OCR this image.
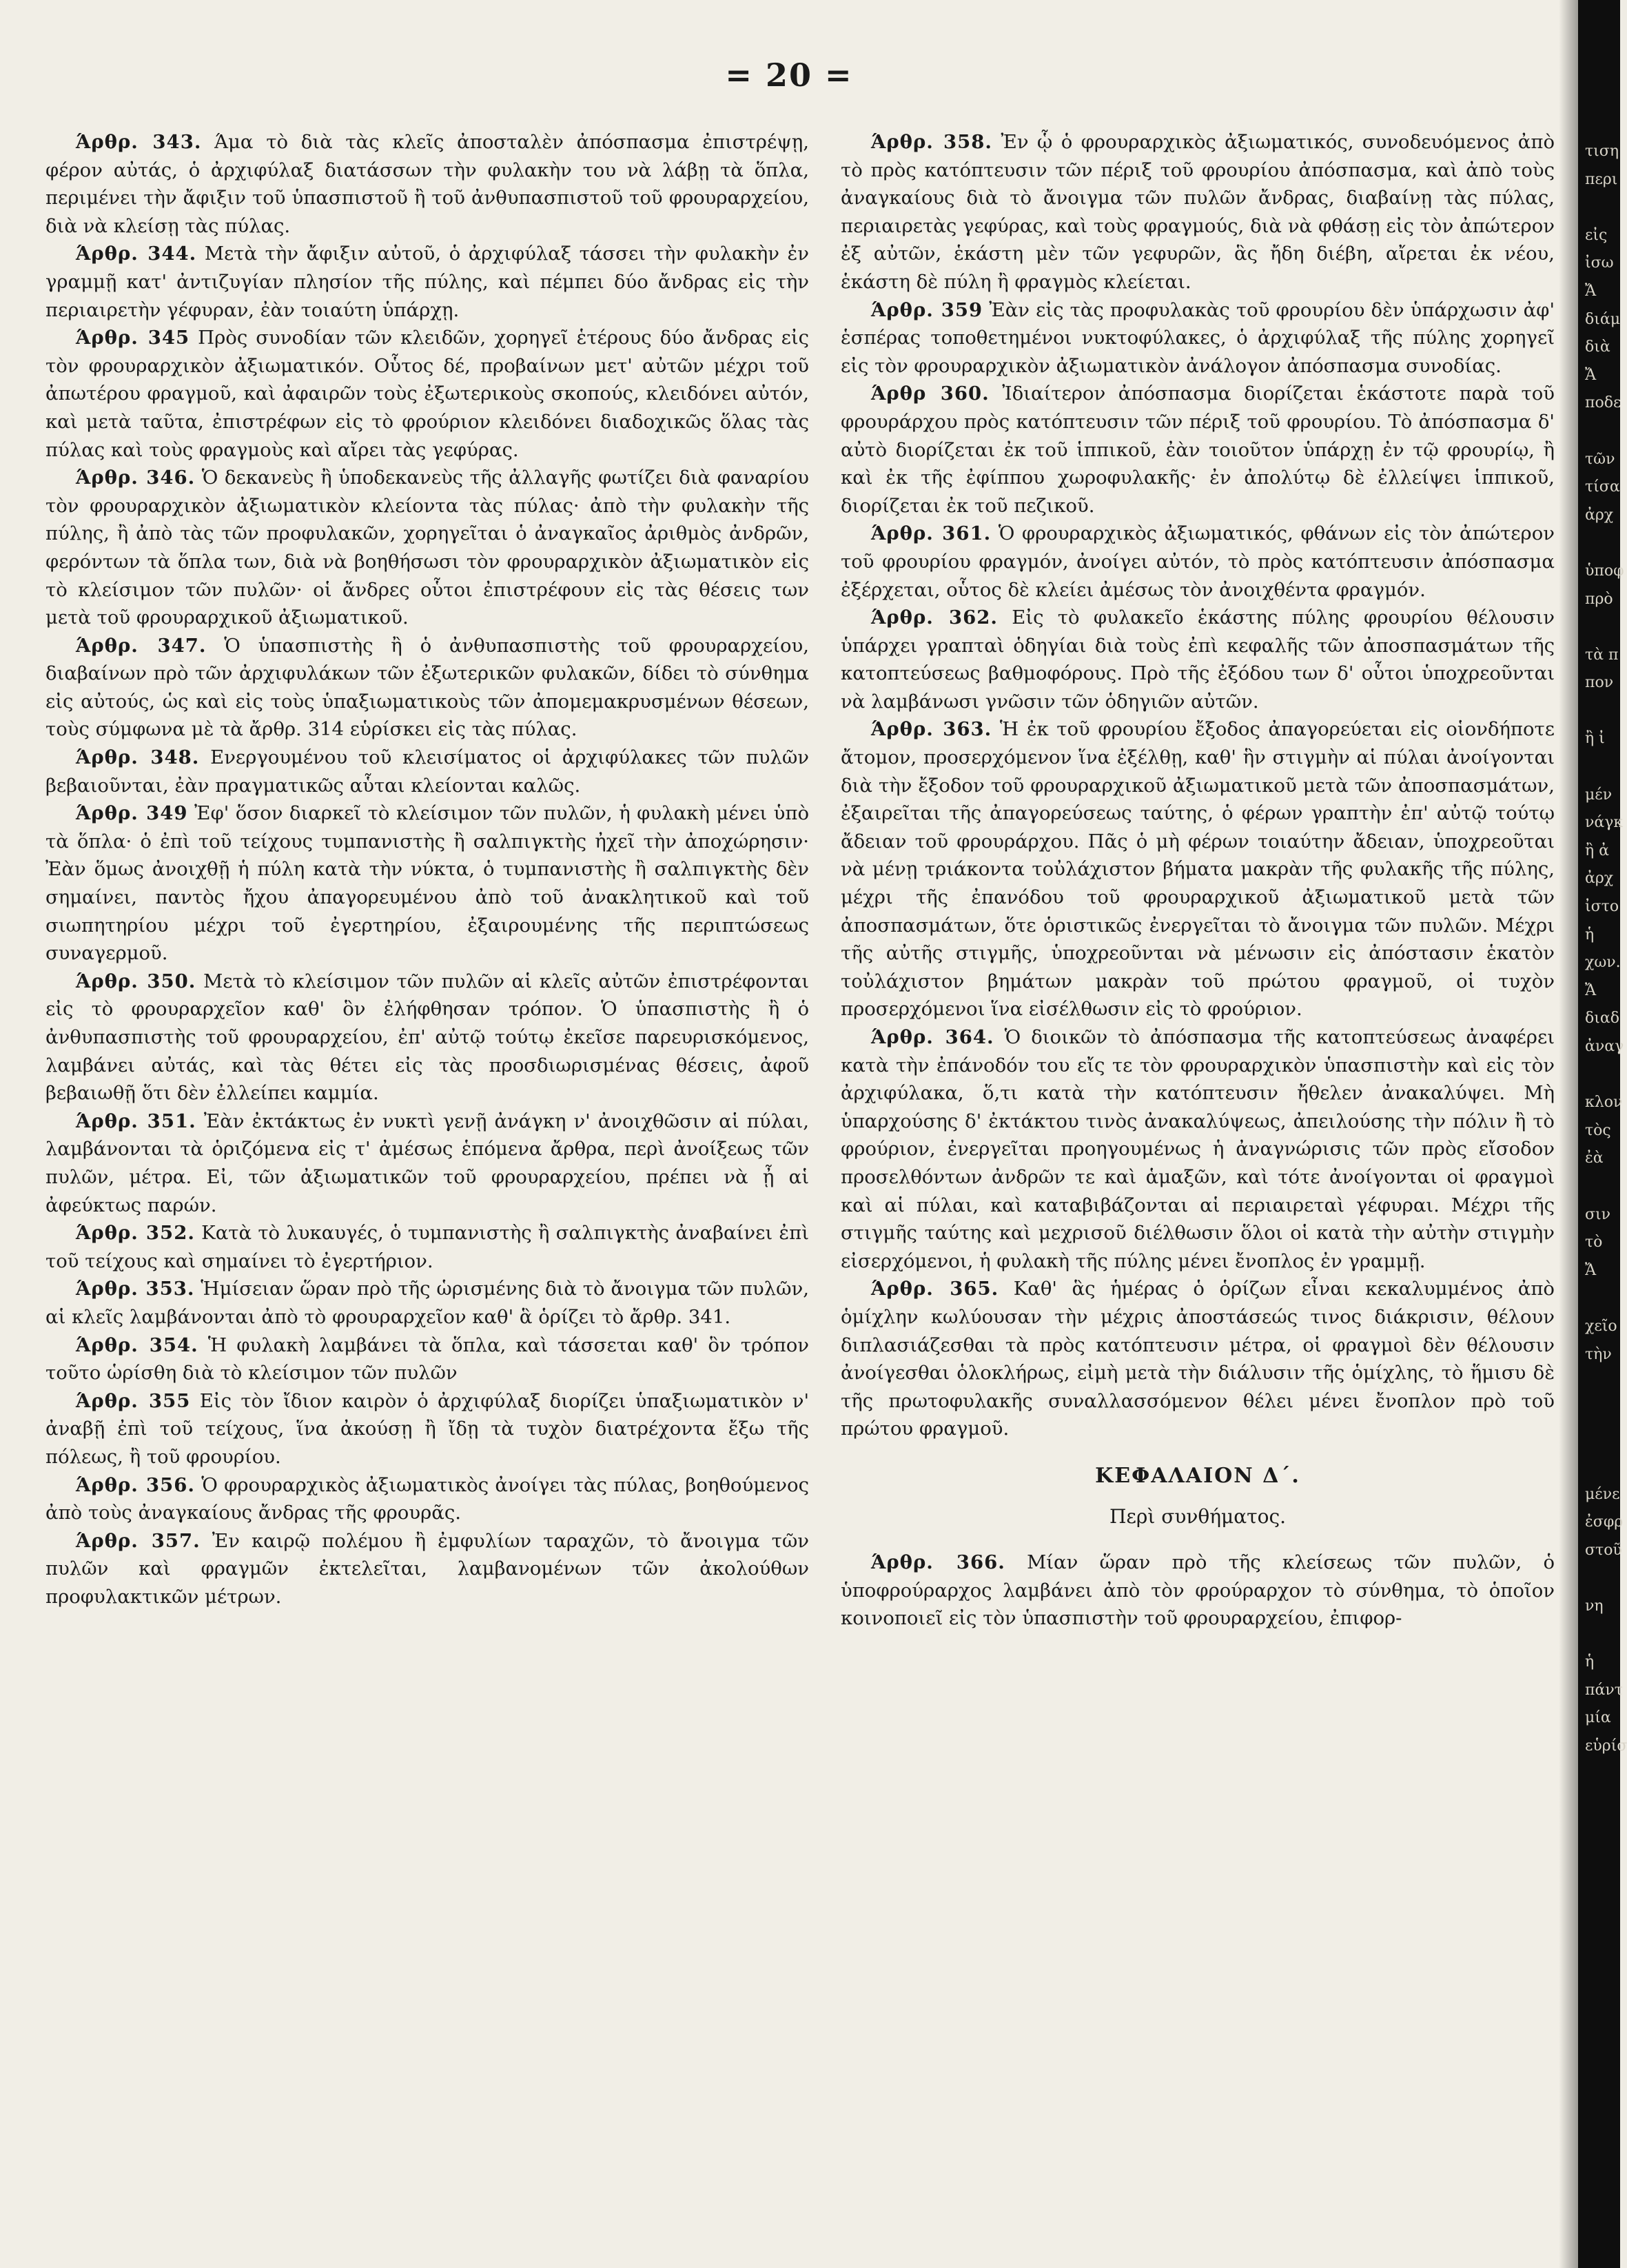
= 20 =

Άρθρ. 343. Άμα τὸ διὰ τὰς κλεῖς ἀποσταλὲν ἀπόσπασμα ἐπιστρέψῃ, φέρον αὐτάς, ὁ ἀρχιφύλαξ διατάσσων τὴν φυλακὴν του νὰ λάβῃ τὰ ὅπλα, περιμένει τὴν ἄφιξιν τοῦ ὑπασπιστοῦ ἢ τοῦ ἀνθυπασπιστοῦ τοῦ φρουραρχείου, διὰ νὰ κλείσῃ τὰς πύλας.

Άρθρ. 344. Μετὰ τὴν ἄφιξιν αὐτοῦ, ὁ ἀρχιφύλαξ τάσσει τὴν φυλακὴν ἐν γραμμῇ κατ' ἀντιζυγίαν πλησίον τῆς πύλης, καὶ πέμπει δύο ἄνδρας εἰς τὴν περιαιρετὴν γέφυραν, ἐὰν τοιαύτη ὑπάρχῃ.

Άρθρ. 345 Πρὸς συνοδίαν τῶν κλειδῶν, χορηγεῖ ἑτέρους δύο ἄνδρας εἰς τὸν φρουραρχικὸν ἀξιωματικόν. Οὗτος δέ, προβαίνων μετ' αὐτῶν μέχρι τοῦ ἀπωτέρου φραγμοῦ, καὶ ἀφαιρῶν τοὺς ἐξωτερικοὺς σκοπούς, κλειδόνει αὐτόν, καὶ μετὰ ταῦτα, ἐπιστρέφων εἰς τὸ φρούριον κλειδόνει διαδοχικῶς ὅλας τὰς πύλας καὶ τοὺς φραγμοὺς καὶ αἴρει τὰς γεφύρας.

Άρθρ. 346. Ὁ δεκανεὺς ἢ ὑποδεκανεὺς τῆς ἀλλαγῆς φωτίζει διὰ φαναρίου τὸν φρουραρχικὸν ἀξιωματικὸν κλείοντα τὰς πύλας· ἀπὸ τὴν φυλακὴν τῆς πύλης, ἢ ἀπὸ τὰς τῶν προφυλακῶν, χορηγεῖται ὁ ἀναγκαῖος ἀριθμὸς ἀνδρῶν, φερόντων τὰ ὅπλα των, διὰ νὰ βοηθήσωσι τὸν φρουραρχικὸν ἀξιωματικὸν εἰς τὸ κλείσιμον τῶν πυλῶν· οἱ ἄνδρες οὗτοι ἐπιστρέφουν εἰς τὰς θέσεις των μετὰ τοῦ φρουραρχικοῦ ἀξιωματικοῦ.

Άρθρ. 347. Ὁ ὑπασπιστὴς ἢ ὁ ἀνθυπασπιστὴς τοῦ φρουραρχείου, διαβαίνων πρὸ τῶν ἀρχιφυλάκων τῶν ἐξωτερικῶν φυλακῶν, δίδει τὸ σύνθημα εἰς αὐτούς, ὡς καὶ εἰς τοὺς ὑπαξιωματικοὺς τῶν ἀπομεμακρυσμένων θέσεων, τοὺς σύμφωνα μὲ τὰ ἄρθρ. 314 εὑρίσκει εἰς τὰς πύλας.

Άρθρ. 348. Ενεργουμένου τοῦ κλεισίματος οἱ ἀρχιφύλακες τῶν πυλῶν βεβαιοῦνται, ἐὰν πραγματικῶς αὗται κλείονται καλῶς.

Άρθρ. 349 Ἐφ' ὅσον διαρκεῖ τὸ κλείσιμον τῶν πυλῶν, ἡ φυλακὴ μένει ὑπὸ τὰ ὅπλα· ὁ ἐπὶ τοῦ τείχους τυμπανιστὴς ἢ σαλπιγκτὴς ἠχεῖ τὴν ἀποχώρησιν· Ἐὰν ὅμως ἀνοιχθῇ ἡ πύλη κατὰ τὴν νύκτα, ὁ τυμπανιστὴς ἢ σαλπιγκτὴς δὲν σημαίνει, παντὸς ἤχου ἀπαγορευμένου ἀπὸ τοῦ ἀνακλητικοῦ καὶ τοῦ σιωπητηρίου μέχρι τοῦ ἐγερτηρίου, ἐξαιρουμένης τῆς περιπτώσεως συναγερμοῦ.

Άρθρ. 350. Μετὰ τὸ κλείσιμον τῶν πυλῶν αἱ κλεῖς αὐτῶν ἐπιστρέφονται εἰς τὸ φρουραρχεῖον καθ' ὃν ἐλήφθησαν τρόπον. Ὁ ὑπασπιστὴς ἢ ὁ ἀνθυπασπιστὴς τοῦ φρουραρχείου, ἐπ' αὐτῷ τούτῳ ἐκεῖσε παρευρισκόμενος, λαμβάνει αὐτάς, καὶ τὰς θέτει εἰς τὰς προσδιωρισμένας θέσεις, ἀφοῦ βεβαιωθῇ ὅτι δὲν ἐλλείπει καμμία.

Άρθρ. 351. Ἐὰν ἐκτάκτως ἐν νυκτὶ γενῇ ἀνάγκη ν' ἀνοιχθῶσιν αἱ πύλαι, λαμβάνονται τὰ ὁριζόμενα εἰς τ' ἀμέσως ἑπόμενα ἄρθρα, περὶ ἀνοίξεως τῶν πυλῶν, μέτρα. Εἰ, τῶν ἀξιωματικῶν τοῦ φρουραρχείου, πρέπει νὰ ᾖ αἱ ἀφεύκτως παρών.

Άρθρ. 352. Κατὰ τὸ λυκαυγές, ὁ τυμπανιστὴς ἢ σαλπιγκτὴς ἀναβαίνει ἐπὶ τοῦ τείχους καὶ σημαίνει τὸ ἐγερτήριον.

Άρθρ. 353. Ἡμίσειαν ὥραν πρὸ τῆς ὡρισμένης διὰ τὸ ἄνοιγμα τῶν πυλῶν, αἱ κλεῖς λαμβάνονται ἀπὸ τὸ φρουραρχεῖον καθ' ἃ ὁρίζει τὸ ἄρθρ. 341.

Άρθρ. 354. Ἡ φυλακὴ λαμβάνει τὰ ὅπλα, καὶ τάσσεται καθ' ὃν τρόπον τοῦτο ὡρίσθη διὰ τὸ κλείσιμον τῶν πυλῶν

Άρθρ. 355 Εἰς τὸν ἴδιον καιρὸν ὁ ἀρχιφύλαξ διορίζει ὑπαξιωματικὸν ν' ἀναβῇ ἐπὶ τοῦ τείχους, ἵνα ἀκούσῃ ἢ ἴδῃ τὰ τυχὸν διατρέχοντα ἔξω τῆς πόλεως, ἢ τοῦ φρουρίου.

Άρθρ. 356. Ὁ φρουραρχικὸς ἀξιωματικὸς ἀνοίγει τὰς πύλας, βοηθούμενος ἀπὸ τοὺς ἀναγκαίους ἄνδρας τῆς φρουρᾶς.

Άρθρ. 357. Ἐν καιρῷ πολέμου ἢ ἐμφυλίων ταραχῶν, τὸ ἄνοιγμα τῶν πυλῶν καὶ φραγμῶν ἐκτελεῖται, λαμβανομένων τῶν ἀκολούθων προφυλακτικῶν μέτρων.

Άρθρ. 358. Ἐν ᾧ ὁ φρουραρχικὸς ἀξιωματικός, συνοδευόμενος ἀπὸ τὸ πρὸς κατόπτευσιν τῶν πέριξ τοῦ φρουρίου ἀπόσπασμα, καὶ ἀπὸ τοὺς ἀναγκαίους διὰ τὸ ἄνοιγμα τῶν πυλῶν ἄνδρας, διαβαίνῃ τὰς πύλας, περιαιρετὰς γεφύρας, καὶ τοὺς φραγμούς, διὰ νὰ φθάσῃ εἰς τὸν ἀπώτερον ἐξ αὐτῶν, ἑκάστη μὲν τῶν γεφυρῶν, ἃς ἤδη διέβη, αἴρεται ἐκ νέου, ἑκάστη δὲ πύλη ἢ φραγμὸς κλείεται.

Άρθρ. 359 Ἐὰν εἰς τὰς προφυλακὰς τοῦ φρουρίου δὲν ὑπάρχωσιν ἀφ' ἑσπέρας τοποθετημένοι νυκτοφύλακες, ὁ ἀρχιφύλαξ τῆς πύλης χορηγεῖ εἰς τὸν φρουραρχικὸν ἀξιωματικὸν ἀνάλογον ἀπόσπασμα συνοδίας.

Άρθρ 360. Ἰδιαίτερον ἀπόσπασμα διορίζεται ἑκάστοτε παρὰ τοῦ φρουράρχου πρὸς κατόπτευσιν τῶν πέριξ τοῦ φρουρίου. Τὸ ἀπόσπασμα δ' αὐτὸ διορίζεται ἐκ τοῦ ἱππικοῦ, ἐὰν τοιοῦτον ὑπάρχῃ ἐν τῷ φρουρίῳ, ἢ καὶ ἐκ τῆς ἐφίππου χωροφυλακῆς· ἐν ἀπολύτῳ δὲ ἐλλείψει ἱππικοῦ, διορίζεται ἐκ τοῦ πεζικοῦ.

Άρθρ. 361. Ὁ φρουραρχικὸς ἀξιωματικός, φθάνων εἰς τὸν ἀπώτερον τοῦ φρουρίου φραγμόν, ἀνοίγει αὐτόν, τὸ πρὸς κατόπτευσιν ἀπόσπασμα ἐξέρχεται, οὗτος δὲ κλείει ἀμέσως τὸν ἀνοιχθέντα φραγμόν.

Άρθρ. 362. Εἰς τὸ φυλακεῖο ἑκάστης πύλης φρουρίου θέλουσιν ὑπάρχει γραπταὶ ὁδηγίαι διὰ τοὺς ἐπὶ κεφαλῆς τῶν ἀποσπασμάτων τῆς κατοπτεύσεως βαθμοφόρους. Πρὸ τῆς ἐξόδου των δ' οὗτοι ὑποχρεοῦνται νὰ λαμβάνωσι γνῶσιν τῶν ὁδηγιῶν αὐτῶν.

Άρθρ. 363. Ἡ ἐκ τοῦ φρουρίου ἔξοδος ἀπαγορεύεται εἰς οἱονδήποτε ἄτομον, προσερχόμενον ἵνα ἐξέλθῃ, καθ' ἣν στιγμὴν αἱ πύλαι ἀνοίγονται διὰ τὴν ἔξοδον τοῦ φρουραρχικοῦ ἀξιωματικοῦ μετὰ τῶν ἀποσπασμάτων, ἐξαιρεῖται τῆς ἀπαγορεύσεως ταύτης, ὁ φέρων γραπτὴν ἐπ' αὐτῷ τούτῳ ἄδειαν τοῦ φρουράρχου. Πᾶς ὁ μὴ φέρων τοιαύτην ἄδειαν, ὑποχρεοῦται νὰ μένῃ τριάκοντα τοὐλάχιστον βήματα μακρὰν τῆς φυλακῆς τῆς πύλης, μέχρι τῆς ἐπανόδου τοῦ φρουραρχικοῦ ἀξιωματικοῦ μετὰ τῶν ἀποσπασμάτων, ὅτε ὁριστικῶς ἐνεργεῖται τὸ ἄνοιγμα τῶν πυλῶν. Μέχρι τῆς αὐτῆς στιγμῆς, ὑποχρεοῦνται νὰ μένωσιν εἰς ἀπόστασιν ἑκατὸν τοὐλάχιστον βημάτων μακρὰν τοῦ πρώτου φραγμοῦ, οἱ τυχὸν προσερχόμενοι ἵνα εἰσέλθωσιν εἰς τὸ φρούριον.

Άρθρ. 364. Ὁ διοικῶν τὸ ἀπόσπασμα τῆς κατοπτεύσεως ἀναφέρει κατὰ τὴν ἐπάνοδόν του εἴς τε τὸν φρουραρχικὸν ὑπασπιστὴν καὶ εἰς τὸν ἀρχιφύλακα, ὅ,τι κατὰ τὴν κατόπτευσιν ἤθελεν ἀνακαλύψει. Μὴ ὑπαρχούσης δ' ἐκτάκτου τινὸς ἀνακαλύψεως, ἀπειλούσης τὴν πόλιν ἢ τὸ φρούριον, ἐνεργεῖται προηγουμένως ἡ ἀναγνώρισις τῶν πρὸς εἴσοδον προσελθόντων ἀνδρῶν τε καὶ ἁμαξῶν, καὶ τότε ἀνοίγονται οἱ φραγμοὶ καὶ αἱ πύλαι, καὶ καταβιβάζονται αἱ περιαιρεταὶ γέφυραι. Μέχρι τῆς στιγμῆς ταύτης καὶ μεχρισοῦ διέλθωσιν ὅλοι οἱ κατὰ τὴν αὐτὴν στιγμὴν εἰσερχόμενοι, ἡ φυλακὴ τῆς πύλης μένει ἔνοπλος ἐν γραμμῇ.

Άρθρ. 365. Καθ' ἃς ἡμέρας ὁ ὁρίζων εἶναι κεκαλυμμένος ἀπὸ ὁμίχλην κωλύουσαν τὴν μέχρις ἀποστάσεώς τινος διάκρισιν, θέλουν διπλασιάζεσθαι τὰ πρὸς κατόπτευσιν μέτρα, οἱ φραγμοὶ δὲν θέλουσιν ἀνοίγεσθαι ὁλοκλήρως, εἰμὴ μετὰ τὴν διάλυσιν τῆς ὁμίχλης, τὸ ἥμισυ δὲ τῆς πρωτοφυλακῆς συναλλασσόμενον θέλει μένει ἔνοπλον πρὸ τοῦ πρώτου φραγμοῦ.

ΚΕΦΑΛΑΙΟΝ Δ΄.
Περὶ συνθήματος.

Άρθρ. 366. Μίαν ὥραν πρὸ τῆς κλείσεως τῶν πυλῶν, ὁ ὑποφρούραρχος λαμβάνει ἀπὸ τὸν φρούραρχον τὸ σύνθημα, τὸ ὁποῖον κοινοποιεῖ εἰς τὸν ὑπασπιστὴν τοῦ φρουραρχείου, ἐπιφορ-

τιση
περι
εἰς
ἰσω
Ἄ
διάμ
διὰ
Ἄ
ποδε
τῶν
τίσα
ἀρχ
ὑποφ
πρὸ
τὰ π
πον
ἢ ἰ
μέν
νάγκ
ἢ ἀ
ἀρχ
ἰστο
ἡ
χων.
Ἄ
διαδ
ἀναγ
κλον
τὸς
ἐὰ
σιν
τὸ
Ἄ
χεῖο
τὴν
μένε
ἐσφρ
στοῦ
νη
ἡ
πάντ
μία
εὑρίσ
